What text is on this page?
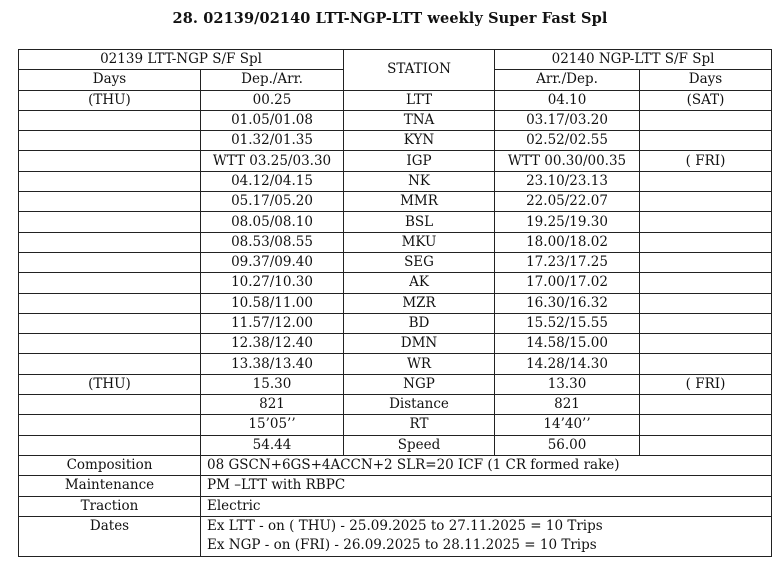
28. 02139/02140 LTT-NGP-LTT weekly Super Fast Spl
02139 LTT-NGP S/F Spl		STATION	02140 NGP-LTT S/F Spl	
Days	Dep./Arr.		Arr./Dep.	Days
(THU)	00.25	LTT	04.10	(SAT)
	01.05/01.08	TNA	03.17/03.20	
	01.32/01.35	KYN	02.52/02.55	
	WTT 03.25/03.30	IGP	WTT 00.30/00.35	( FRI)
	04.12/04.15	NK	23.10/23.13	
	05.17/05.20	MMR	22.05/22.07	
	08.05/08.10	BSL	19.25/19.30	
	08.53/08.55	MKU	18.00/18.02	
	09.37/09.40	SEG	17.23/17.25	
	10.27/10.30	AK	17.00/17.02	
	10.58/11.00	MZR	16.30/16.32	
	11.57/12.00	BD	15.52/15.55	
	12.38/12.40	DMN	14.58/15.00	
	13.38/13.40	WR	14.28/14.30	
(THU)	15.30	NGP	13.30	( FRI)
	821	Distance	821	
	15’05’’	RT	14’40’’	
	54.44	Speed	56.00	
Composition	08 GSCN+6GS+4ACCN+2 SLR=20 ICF (1 CR formed rake)			
Maintenance	PM –LTT with RBPC			
Traction	Electric			
Dates	Ex LTT - on ( THU) - 25.09.2025 to 27.11.2025 = 10 Trips
Ex NGP - on (FRI) - 26.09.2025 to 28.11.2025 = 10 Trips			
